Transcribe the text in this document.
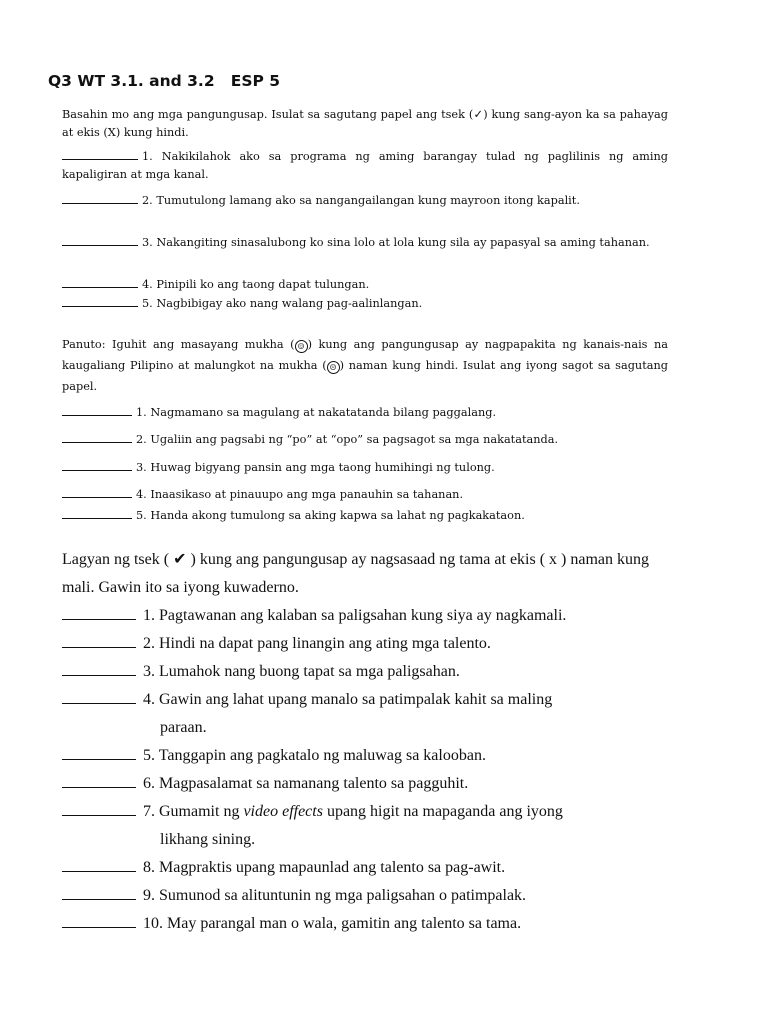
Q3 WT 3.1. and 3.2   ESP 5
Basahin mo ang mga pangungusap. Isulat sa sagutang papel ang tsek (✓) kung sang-ayon ka sa pahayag at ekis (X) kung hindi.
1. Nakikilahok ako sa programa ng aming barangay tulad ng paglilinis ng aming kapaligiran at mga kanal.
2. Tumutulong lamang ako sa nangangailangan kung mayroon itong kapalit.
3. Nakangiting sinasalubong ko sina lolo at lola kung sila ay papasyal sa aming tahanan.
4. Pinipili ko ang taong dapat tulungan.
5. Nagbibigay ako nang walang pag-aalinlangan.
Panuto: Iguhit ang masayang mukha ( ☺ ) kung ang pangungusap ay nagpapakita ng kanais-nais na kaugaliang Pilipino at malungkot na mukha ( ☹ ) naman kung hindi. Isulat ang iyong sagot sa sagutang papel.
1. Nagmamano sa magulang at nakatatanda bilang paggalang.
2. Ugaliin ang pagsabi ng “po” at “opo” sa pagsagot sa mga nakatatanda.
3. Huwag bigyang pansin ang mga taong humihingi ng tulong.
4. Inaasikaso at pinauupo ang mga panauhin sa tahanan.
5. Handa akong tumulong sa aking kapwa sa lahat ng pagkakataon.
Lagyan ng tsek ( ✔ ) kung ang pangungusap ay nagsasaad ng tama at ekis ( x ) naman kung mali. Gawin ito sa iyong kuwaderno.
1. Pagtawanan ang kalaban sa paligsahan kung siya ay nagkamali.
2. Hindi na dapat pang linangin ang ating mga talento.
3. Lumahok nang buong tapat sa mga paligsahan.
4. Gawin ang lahat upang manalo sa patimpalak kahit sa maling
paraan.
5. Tanggapin ang pagkatalo ng maluwag sa kalooban.
6. Magpasalamat sa namanang talento sa pagguhit.
7. Gumamit ng video effects upang higit na mapaganda ang iyong
likhang sining.
8. Magpraktis upang mapaunlad ang talento sa pag-awit.
9. Sumunod sa alituntunin ng mga paligsahan o patimpalak.
10. May parangal man o wala, gamitin ang talento sa tama.
